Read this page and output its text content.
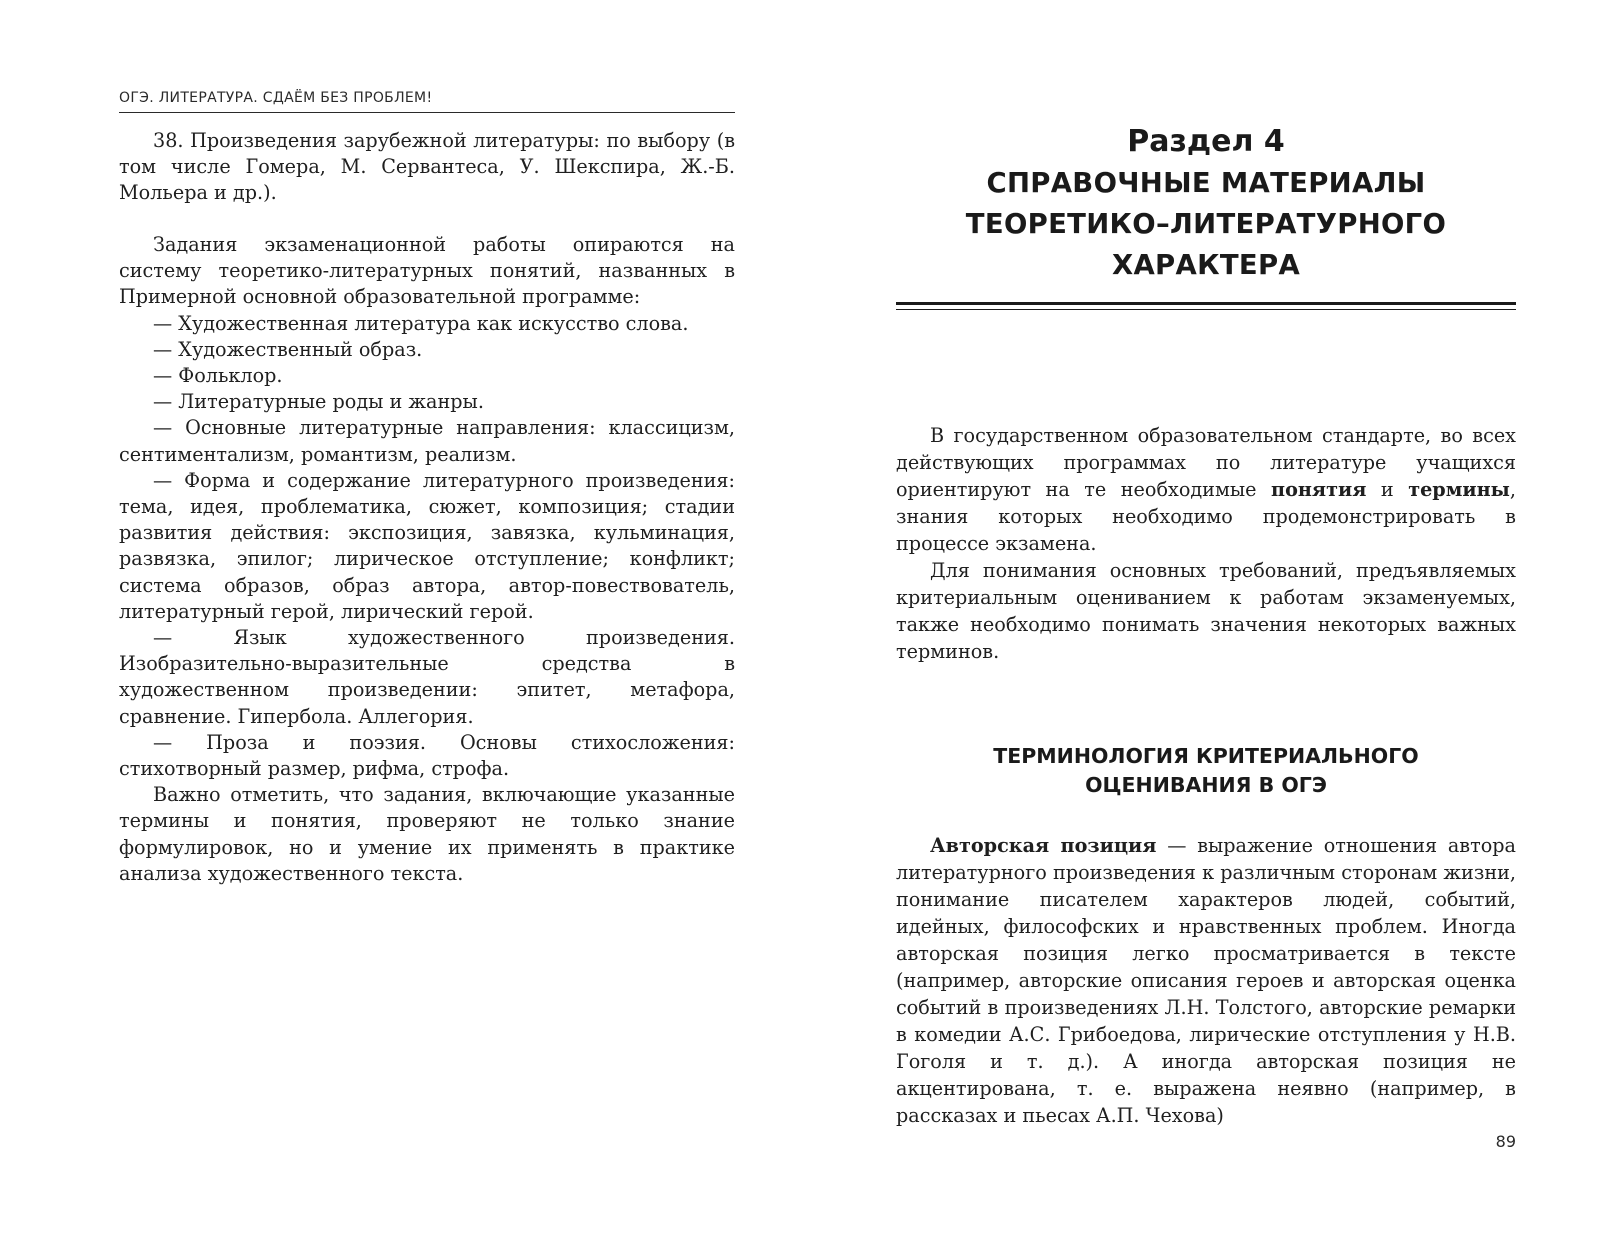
ОГЭ. ЛИТЕРАТУРА. СДАЁМ БЕЗ ПРОБЛЕМ!

38. Произведения зарубежной литературы: по выбору (в том числе Гомера, М. Сервантеса, У. Шекспира, Ж.-Б. Мольера и др.).

Задания экзаменационной работы опираются на систему теоретико-литературных понятий, названных в Примерной основной образовательной программе:

— Художественная литература как искусство слова.

— Художественный образ.

— Фольклор.

— Литературные роды и жанры.

— Основные литературные направления: классицизм, сентиментализм, романтизм, реализм.

— Форма и содержание литературного произведения: тема, идея, проблематика, сюжет, композиция; стадии развития действия: экспозиция, завязка, кульминация, развязка, эпилог; лирическое отступление; конфликт; система образов, образ автора, автор-повествователь, литературный герой, лирический герой.

— Язык художественного произведения. Изобразительно-выразительные средства в художественном произведении: эпитет, метафора, сравнение. Гипербола. Аллегория.

— Проза и поэзия. Основы стихосложения: стихотворный размер, рифма, строфа.

Важно отметить, что задания, включающие указанные термины и понятия, проверяют не только знание формулировок, но и умение их применять в практике анализа художественного текста.

Раздел 4
СПРАВОЧНЫЕ МАТЕРИАЛЫ
ТЕОРЕТИКО–ЛИТЕРАТУРНОГО
ХАРАКТЕРА

В государственном образовательном стандарте, во всех действующих программах по литературе учащихся ориентируют на те необходимые понятия и термины, знания которых необходимо продемонстрировать в процессе экзамена.

Для понимания основных требований, предъявляемых критериальным оцениванием к работам экзаменуемых, также необходимо понимать значения некоторых важных терминов.

ТЕРМИНОЛОГИЯ КРИТЕРИАЛЬНОГО
ОЦЕНИВАНИЯ В ОГЭ

Авторская позиция — выражение отношения автора литературного произведения к различным сторонам жизни, понимание писателем характеров людей, событий, идейных, философских и нравственных проблем. Иногда авторская позиция легко просматривается в тексте (например, авторские описания героев и авторская оценка событий в произведениях Л.Н. Толстого, авторские ремарки в комедии А.С. Грибоедова, лирические отступления у Н.В. Гоголя и т. д.). А иногда авторская позиция не акцентирована, т. е. выражена неявно (например, в рассказах и пьесах А.П. Чехова)

89
